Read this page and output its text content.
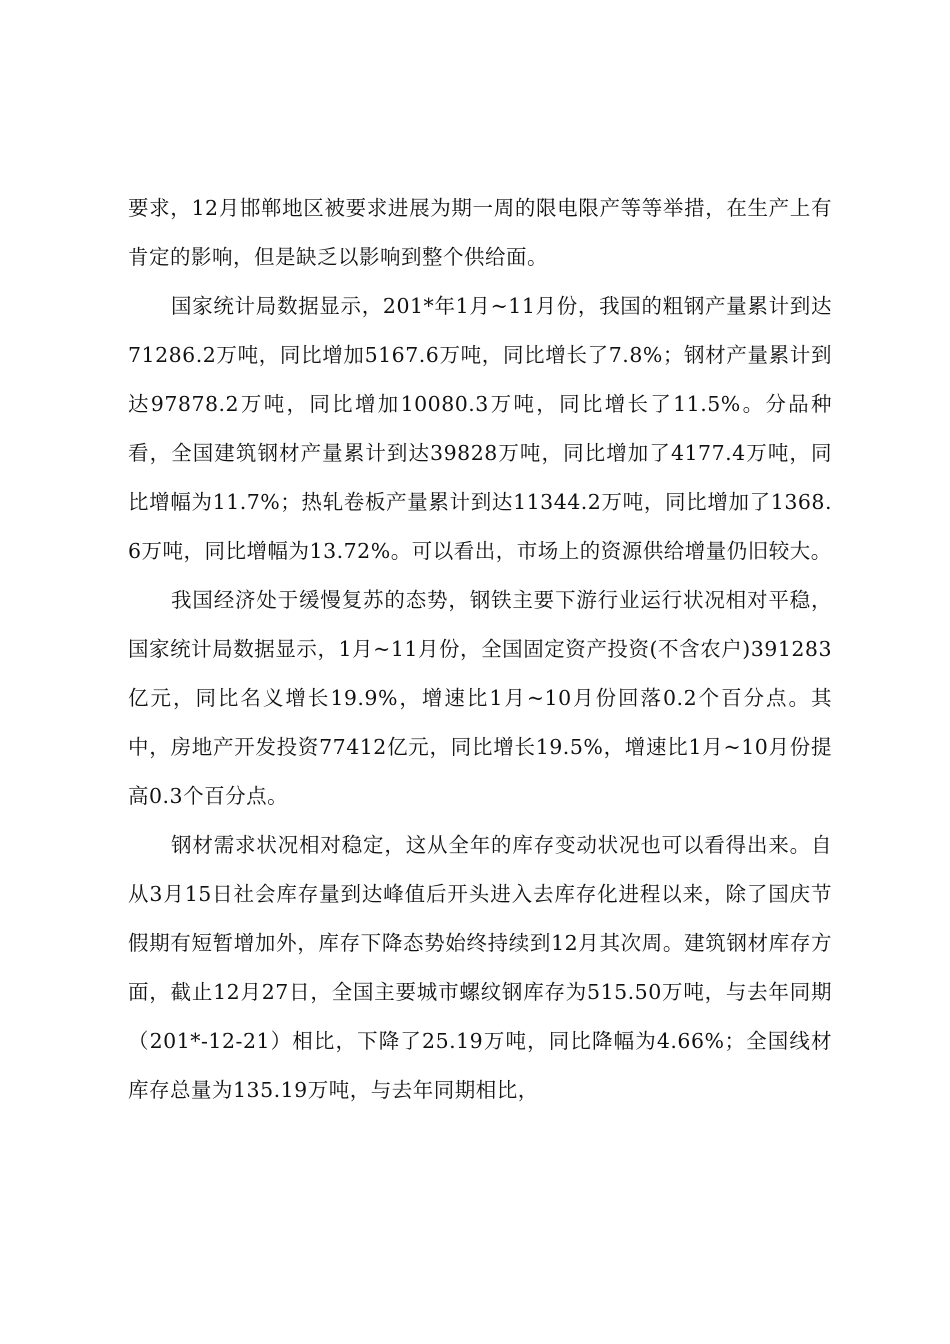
要求，12月邯郸地区被要求进展为期一周的限电限产等等举措，在生产上有肯定的影响，但是缺乏以影响到整个供给面。

国家统计局数据显示，201*年1月~11月份，我国的粗钢产量累计到达71286.2万吨，同比增加5167.6万吨，同比增长了7.8%；钢材产量累计到达97878.2万吨，同比增加10080.3万吨，同比增长了11.5%。分品种看，全国建筑钢材产量累计到达39828万吨，同比增加了4177.4万吨，同比增幅为11.7%；热轧卷板产量累计到达11344.2万吨，同比增加了1368.6万吨，同比增幅为13.72%。可以看出，市场上的资源供给增量仍旧较大。

我国经济处于缓慢复苏的态势，钢铁主要下游行业运行状况相对平稳，国家统计局数据显示，1月~11月份，全国固定资产投资(不含农户)391283亿元，同比名义增长19.9%，增速比1月~10月份回落0.2个百分点。其中，房地产开发投资77412亿元，同比增长19.5%，增速比1月~10月份提高0.3个百分点。

钢材需求状况相对稳定，这从全年的库存变动状况也可以看得出来。自从3月15日社会库存量到达峰值后开头进入去库存化进程以来，除了国庆节假期有短暂增加外，库存下降态势始终持续到12月其次周。建筑钢材库存方面，截止12月27日，全国主要城市螺纹钢库存为515.50万吨，与去年同期（201*-12-21）相比，下降了25.19万吨，同比降幅为4.66%；全国线材库存总量为135.19万吨，与去年同期相比，
